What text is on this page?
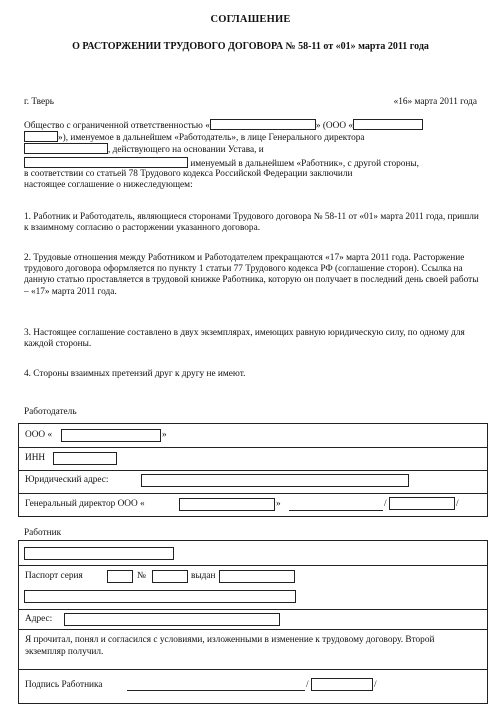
СОГЛАШЕНИЕ
О РАСТОРЖЕНИИ ТРУДОВОГО ДОГОВОРА № 58-11 от «01» марта 2011 года
г. Тверь	«16» марта 2011 года
Общество с ограниченной ответственностью «	» (ООО «
»), именуемое в дальнейшем «Работодатель», в лице Генерального директора
, действующего на основании Устава, и
именуемый в дальнейшем «Работник», с другой стороны,
в соответствии со статьей 78 Трудового кодекса Российской Федерации заключили
настоящее соглашение о нижеследующем:
1. Работник и Работодатель, являющиеся сторонами Трудового договора № 58-11 от «01» марта 2011 года, пришли к взаимному согласию о расторжении указанного договора.
2. Трудовые отношения между Работником и Работодателем прекращаются «17» марта 2011 года. Расторжение трудового договора оформляется по пункту 1 статьи 77 Трудового кодекса РФ (соглашение сторон). Ссылка на данную статью проставляется в трудовой книжке Работника, которую он получает в последний день своей работы – «17» марта 2011 года.
3. Настоящее соглашение составлено в двух экземплярах, имеющих равную юридическую силу, по одному для каждой стороны.
4. Стороны взаимных претензий друг к другу не имеют.
Работодатель
ООО «	»
ИНН
Юридический адрес:
Генеральный директор ООО «	»	/	/
Работник
Паспорт серия	№	выдан
Адрес:
Я прочитал, понял и согласился с условиями, изложенными в изменение к трудовому договору. Второй экземпляр получил.
Подпись Работника	/	/
